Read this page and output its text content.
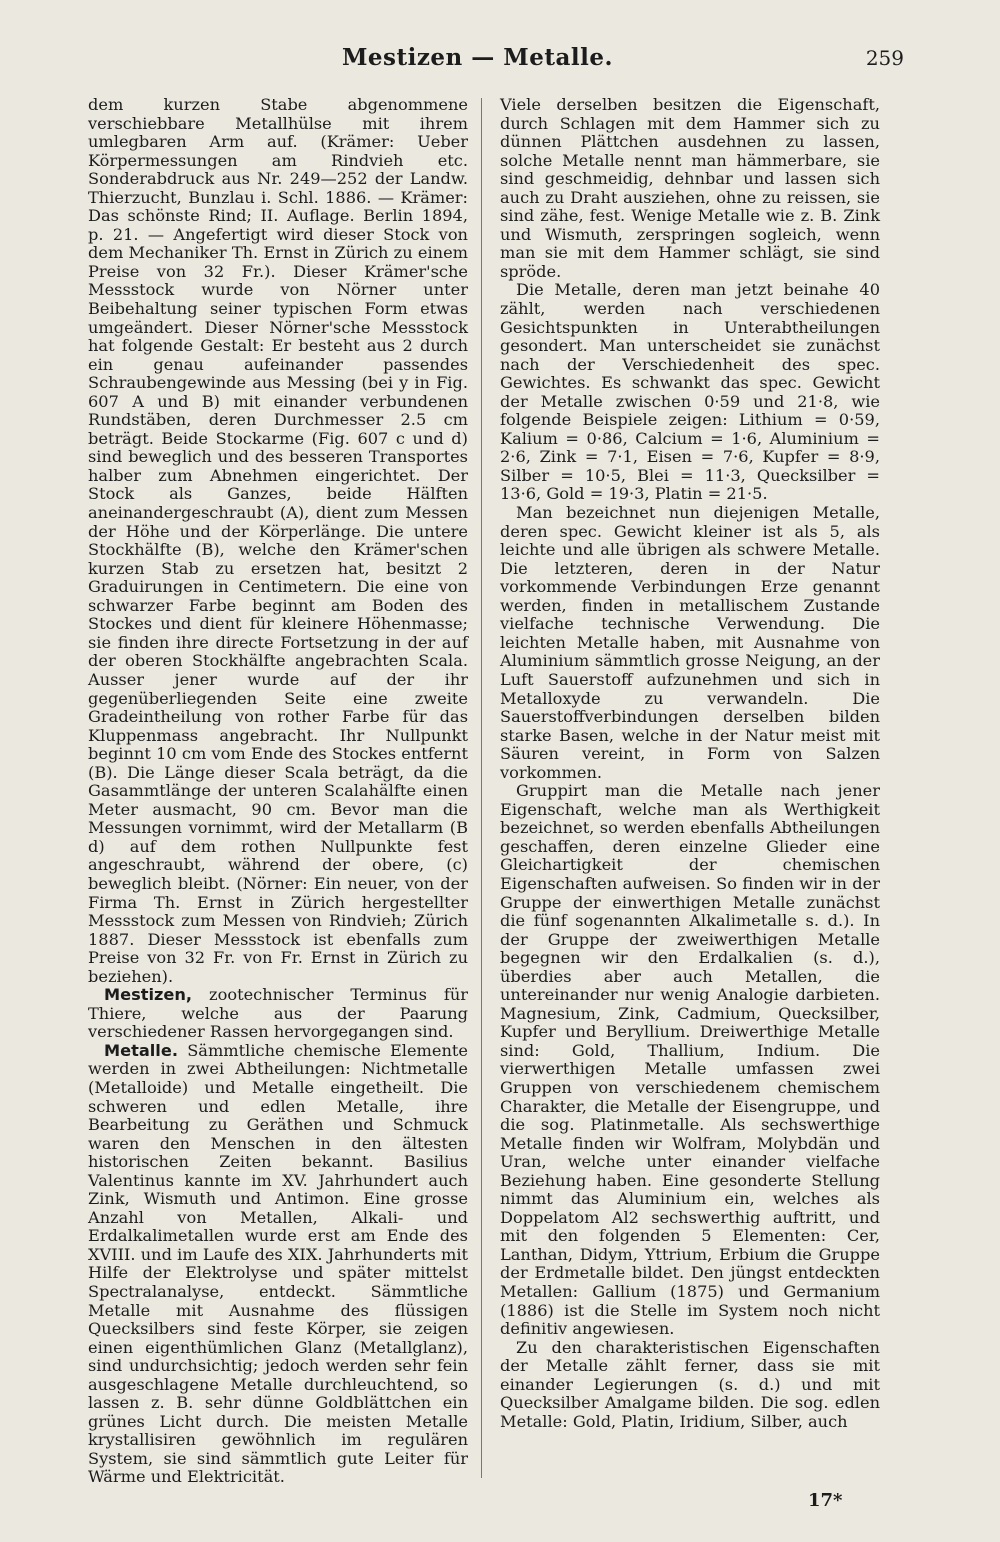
Mestizen — Metalle.	259

dem kurzen Stabe abgenommene verschiebbare Metallhülse mit ihrem umlegbaren Arm auf. (Krämer: Ueber Körpermessungen am Rindvieh etc. Sonderabdruck aus Nr. 249—252 der Landw. Thierzucht, Bunzlau i. Schl. 1886. — Krämer: Das schönste Rind; II. Auflage. Berlin 1894, p. 21. — Angefertigt wird dieser Stock von dem Mechaniker Th. Ernst in Zürich zu einem Preise von 32 Fr.). Dieser Krämer'sche Messstock wurde von Nörner unter Beibehaltung seiner typischen Form etwas umgeändert. Dieser Nörner'sche Messstock hat folgende Gestalt: Er besteht aus 2 durch ein genau aufeinander passendes Schraubengewinde aus Messing (bei y in Fig. 607 A und B) mit einander verbundenen Rundstäben, deren Durchmesser 2.5 cm beträgt. Beide Stockarme (Fig. 607 c und d) sind beweglich und des besseren Transportes halber zum Abnehmen eingerichtet. Der Stock als Ganzes, beide Hälften aneinandergeschraubt (A), dient zum Messen der Höhe und der Körperlänge. Die untere Stockhälfte (B), welche den Krämer'schen kurzen Stab zu ersetzen hat, besitzt 2 Graduirungen in Centimetern. Die eine von schwarzer Farbe beginnt am Boden des Stockes und dient für kleinere Höhenmasse; sie finden ihre directe Fortsetzung in der auf der oberen Stockhälfte angebrachten Scala. Ausser jener wurde auf der ihr gegenüberliegenden Seite eine zweite Gradeintheilung von rother Farbe für das Kluppenmass angebracht. Ihr Nullpunkt beginnt 10 cm vom Ende des Stockes entfernt (B). Die Länge dieser Scala beträgt, da die Gasammtlänge der unteren Scalahälfte einen Meter ausmacht, 90 cm. Bevor man die Messungen vornimmt, wird der Metallarm (B d) auf dem rothen Nullpunkte fest angeschraubt, während der obere, (c) beweglich bleibt. (Nörner: Ein neuer, von der Firma Th. Ernst in Zürich hergestellter Messstock zum Messen von Rindvieh; Zürich 1887. Dieser Messstock ist ebenfalls zum Preise von 32 Fr. von Fr. Ernst in Zürich zu beziehen).

Mestizen, zootechnischer Terminus für Thiere, welche aus der Paarung verschiedener Rassen hervorgegangen sind.

Metalle. Sämmtliche chemische Elemente werden in zwei Abtheilungen: Nichtmetalle (Metalloide) und Metalle eingetheilt. Die schweren und edlen Metalle, ihre Bearbeitung zu Geräthen und Schmuck waren den Menschen in den ältesten historischen Zeiten bekannt. Basilius Valentinus kannte im XV. Jahrhundert auch Zink, Wismuth und Antimon. Eine grosse Anzahl von Metallen, Alkali- und Erdalkalimetallen wurde erst am Ende des XVIII. und im Laufe des XIX. Jahrhunderts mit Hilfe der Elektrolyse und später mittelst Spectralanalyse, entdeckt. Sämmtliche Metalle mit Ausnahme des flüssigen Quecksilbers sind feste Körper, sie zeigen einen eigenthümlichen Glanz (Metallglanz), sind undurchsichtig; jedoch werden sehr fein ausgeschlagene Metalle durchleuchtend, so lassen z. B. sehr dünne Goldblättchen ein grünes Licht durch. Die meisten Metalle krystallisiren gewöhnlich im regulären System, sie sind sämmtlich gute Leiter für Wärme und Elektricität.

Viele derselben besitzen die Eigenschaft, durch Schlagen mit dem Hammer sich zu dünnen Plättchen ausdehnen zu lassen, solche Metalle nennt man hämmerbare, sie sind geschmeidig, dehnbar und lassen sich auch zu Draht ausziehen, ohne zu reissen, sie sind zähe, fest. Wenige Metalle wie z. B. Zink und Wismuth, zerspringen sogleich, wenn man sie mit dem Hammer schlägt, sie sind spröde.

Die Metalle, deren man jetzt beinahe 40 zählt, werden nach verschiedenen Gesichtspunkten in Unterabtheilungen gesondert. Man unterscheidet sie zunächst nach der Verschiedenheit des spec. Gewichtes. Es schwankt das spec. Gewicht der Metalle zwischen 0·59 und 21·8, wie folgende Beispiele zeigen: Lithium = 0·59, Kalium = 0·86, Calcium = 1·6, Aluminium = 2·6, Zink = 7·1, Eisen = 7·6, Kupfer = 8·9, Silber = 10·5, Blei = 11·3, Quecksilber = 13·6, Gold = 19·3, Platin = 21·5.

Man bezeichnet nun diejenigen Metalle, deren spec. Gewicht kleiner ist als 5, als leichte und alle übrigen als schwere Metalle. Die letzteren, deren in der Natur vorkommende Verbindungen Erze genannt werden, finden in metallischem Zustande vielfache technische Verwendung. Die leichten Metalle haben, mit Ausnahme von Aluminium sämmtlich grosse Neigung, an der Luft Sauerstoff aufzunehmen und sich in Metalloxyde zu verwandeln. Die Sauerstoffverbindungen derselben bilden starke Basen, welche in der Natur meist mit Säuren vereint, in Form von Salzen vorkommen.

Gruppirt man die Metalle nach jener Eigenschaft, welche man als Werthigkeit bezeichnet, so werden ebenfalls Abtheilungen geschaffen, deren einzelne Glieder eine Gleichartigkeit der chemischen Eigenschaften aufweisen. So finden wir in der Gruppe der einwerthigen Metalle zunächst die fünf sogenannten Alkalimetalle s. d.). In der Gruppe der zweiwerthigen Metalle begegnen wir den Erdalkalien (s. d.), überdies aber auch Metallen, die untereinander nur wenig Analogie darbieten. Magnesium, Zink, Cadmium, Quecksilber, Kupfer und Beryllium. Dreiwerthige Metalle sind: Gold, Thallium, Indium. Die vierwerthigen Metalle umfassen zwei Gruppen von verschiedenem chemischem Charakter, die Metalle der Eisengruppe, und die sog. Platinmetalle. Als sechswerthige Metalle finden wir Wolfram, Molybdän und Uran, welche unter einander vielfache Beziehung haben. Eine gesonderte Stellung nimmt das Aluminium ein, welches als Doppelatom Al2 sechswerthig auftritt, und mit den folgenden 5 Elementen: Cer, Lanthan, Didym, Yttrium, Erbium die Gruppe der Erdmetalle bildet. Den jüngst entdeckten Metallen: Gallium (1875) und Germanium (1886) ist die Stelle im System noch nicht definitiv angewiesen.

Zu den charakteristischen Eigenschaften der Metalle zählt ferner, dass sie mit einander Legierungen (s. d.) und mit Quecksilber Amalgame bilden. Die sog. edlen Metalle: Gold, Platin, Iridium, Silber, auch

17*
